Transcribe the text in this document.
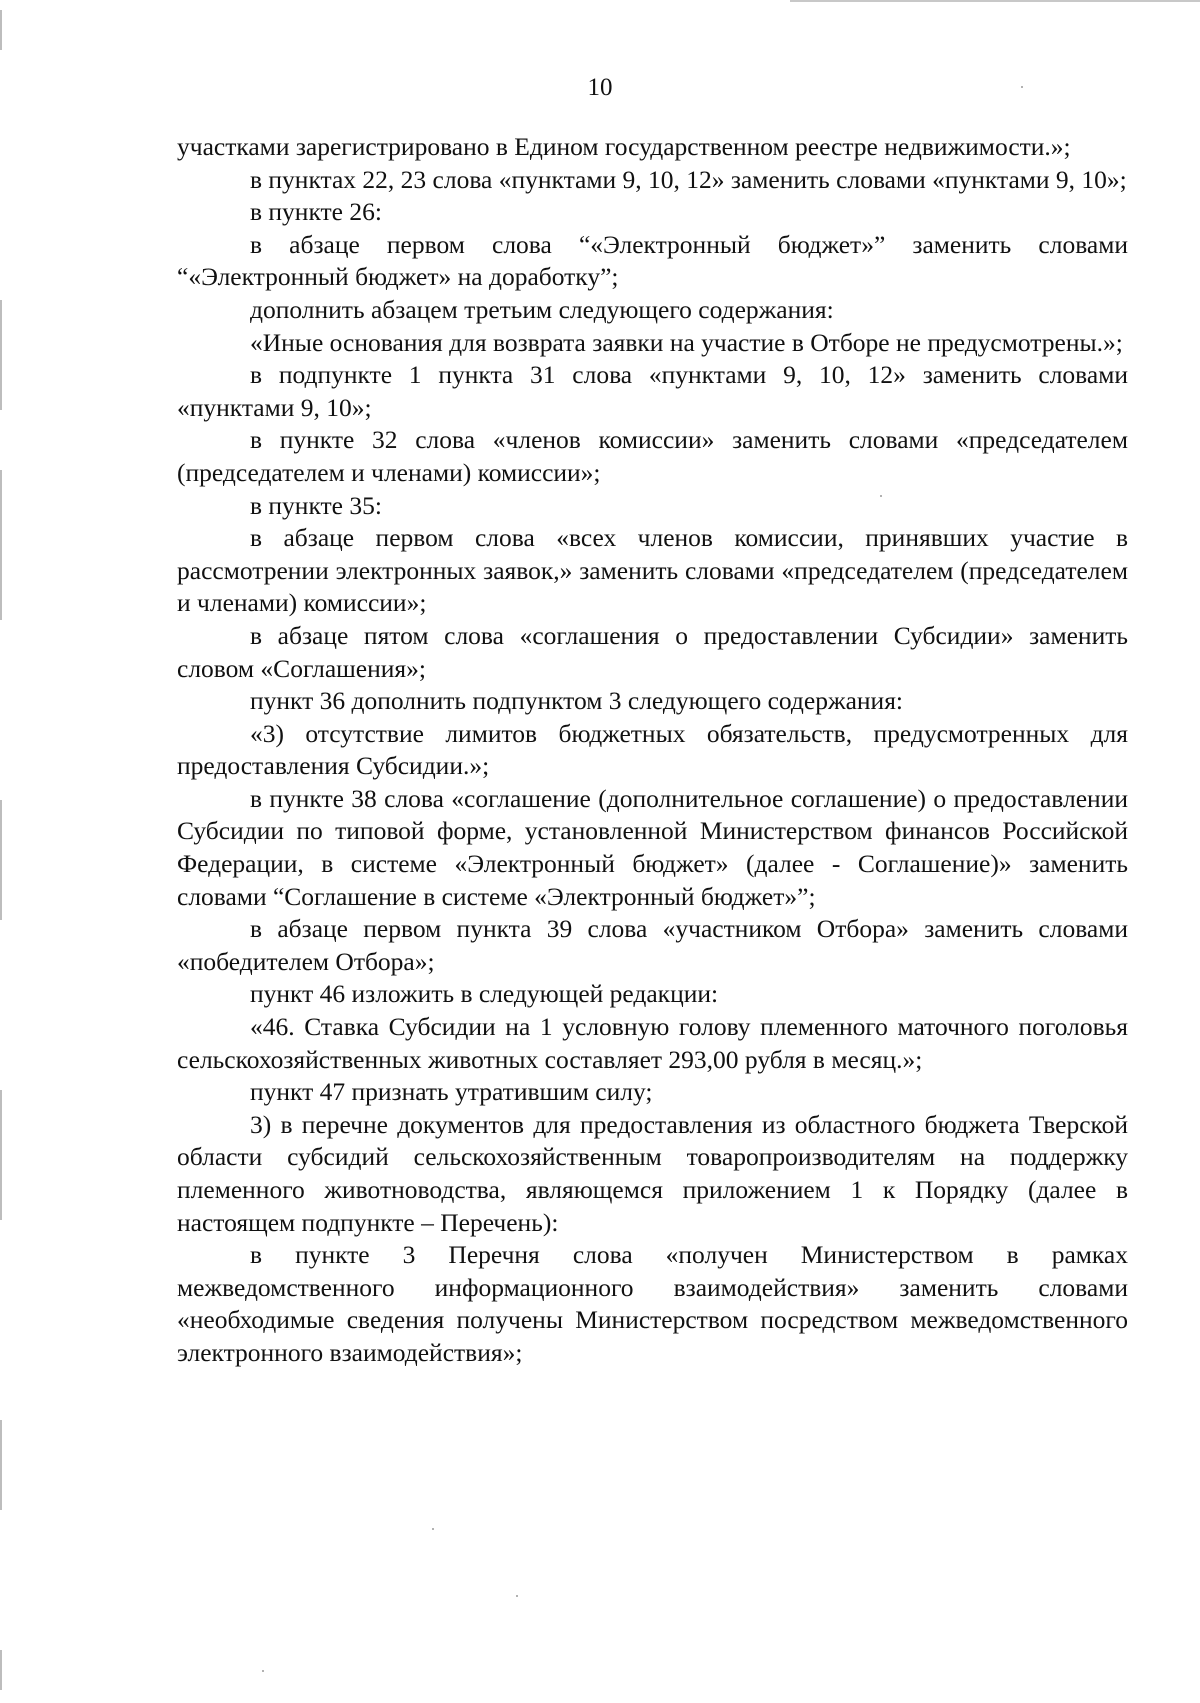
10

участками зарегистрировано в Едином государственном реестре недвижимости.»;

в пунктах 22, 23 слова «пунктами 9, 10, 12» заменить словами «пунктами 9, 10»;

в пункте 26:

в абзаце первом слова “«Электронный бюджет»” заменить словами “«Электронный бюджет» на доработку”;

дополнить абзацем третьим следующего содержания:

«Иные основания для возврата заявки на участие в Отборе не предусмотрены.»;

в подпункте 1 пункта 31 слова «пунктами 9, 10, 12» заменить словами «пунктами 9, 10»;

в пункте 32 слова «членов комиссии» заменить словами «председателем (председателем и членами) комиссии»;

в пункте 35:

в абзаце первом слова «всех членов комиссии, принявших участие в рассмотрении электронных заявок,» заменить словами «председателем (председателем и членами) комиссии»;

в абзаце пятом слова «соглашения о предоставлении Субсидии» заменить словом «Соглашения»;

пункт 36 дополнить подпунктом 3 следующего содержания:

«3) отсутствие лимитов бюджетных обязательств, предусмотренных для предоставления Субсидии.»;

в пункте 38 слова «соглашение (дополнительное соглашение) о предоставлении Субсидии по типовой форме, установленной Министерством финансов Российской Федерации, в системе «Электронный бюджет» (далее - Соглашение)» заменить словами “Соглашение в системе «Электронный бюджет»”;

в абзаце первом пункта 39 слова «участником Отбора» заменить словами «победителем Отбора»;

пункт 46 изложить в следующей редакции:

«46. Ставка Субсидии на 1 условную голову племенного маточного поголовья сельскохозяйственных животных составляет 293,00 рубля в месяц.»;

пункт 47 признать утратившим силу;

3) в перечне документов для предоставления из областного бюджета Тверской области субсидий сельскохозяйственным товаропроизводителям на поддержку племенного животноводства, являющемся приложением 1 к Порядку (далее в настоящем подпункте – Перечень):

в пункте 3 Перечня слова «получен Министерством в рамках межведомственного информационного взаимодействия» заменить словами «необходимые сведения получены Министерством посредством межведомственного электронного взаимодействия»;
